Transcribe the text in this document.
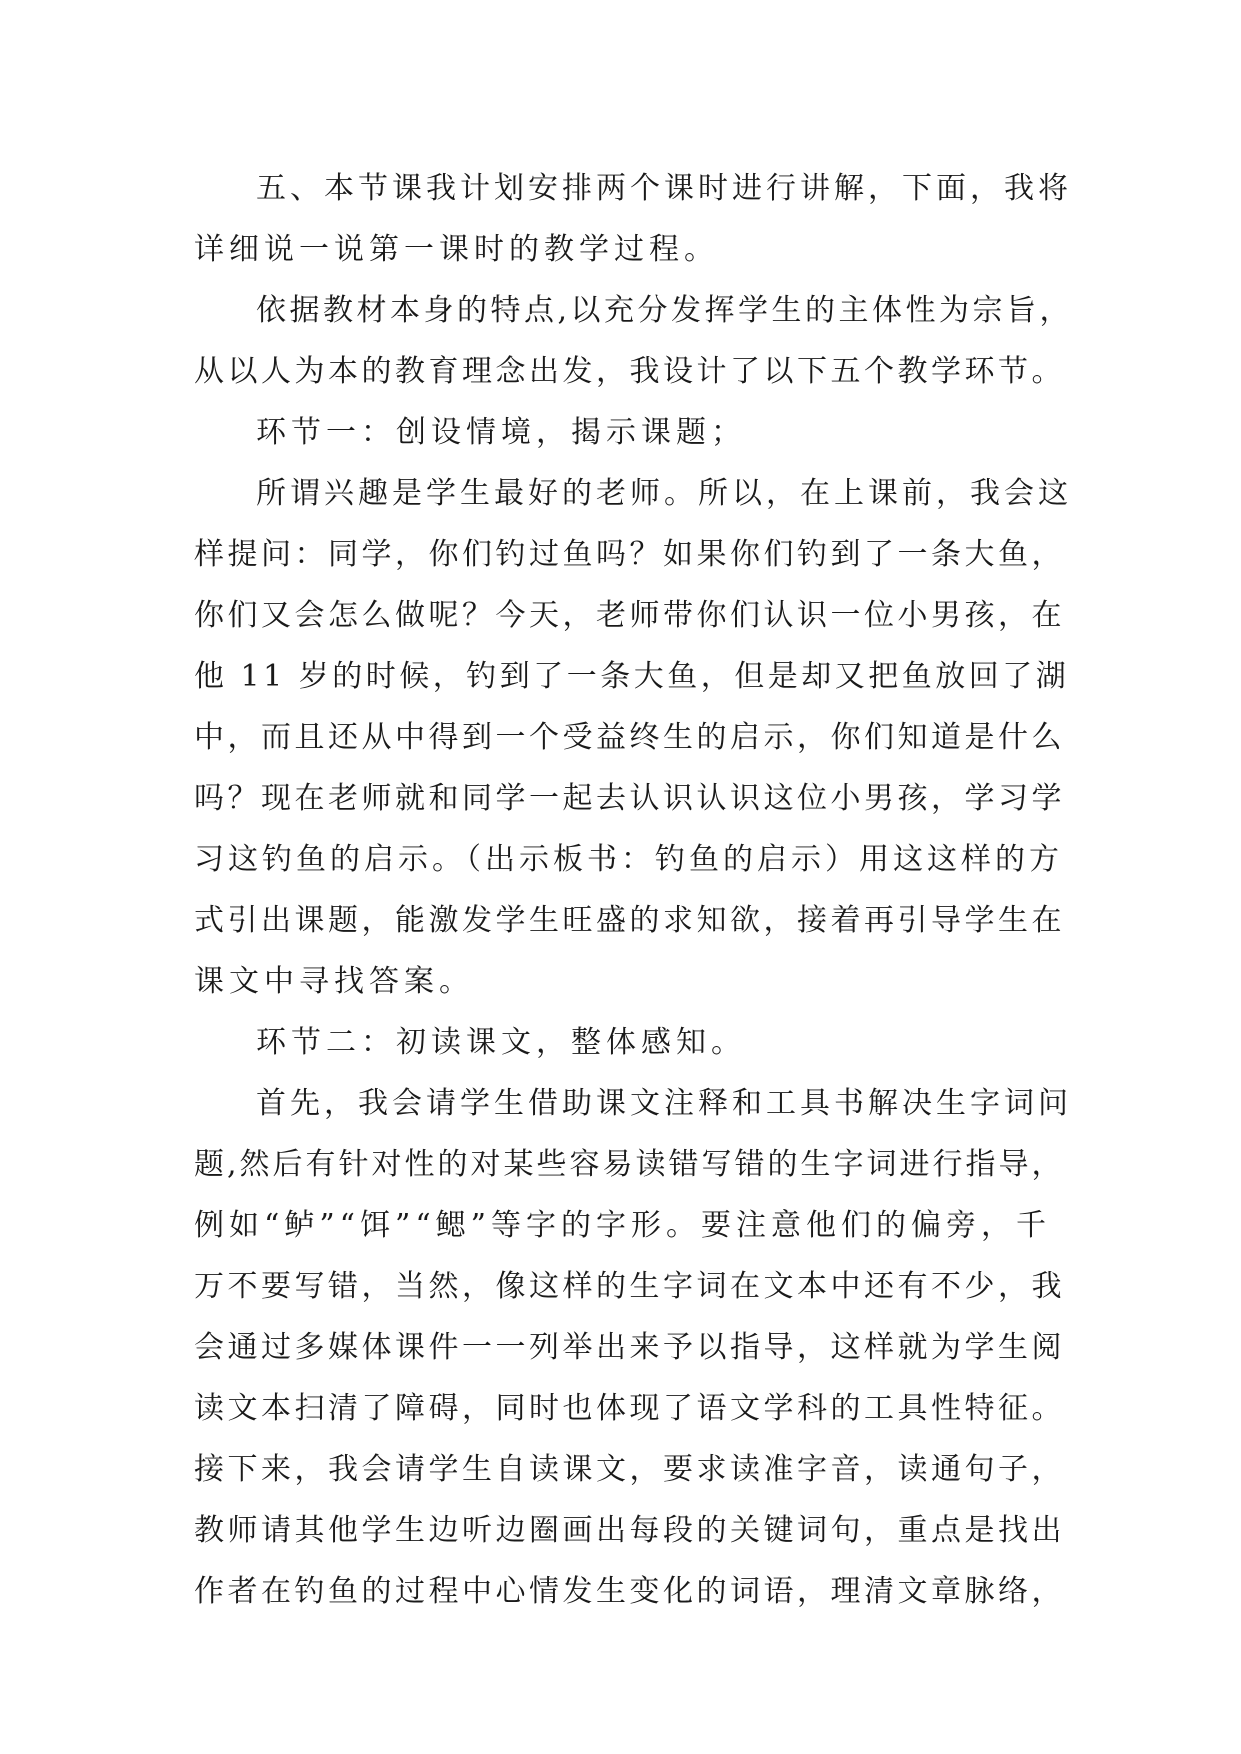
五、本节课我计划安排两个课时进行讲解，下面，我将
详细说一说第一课时的教学过程。
依据教材本身的特点,以充分发挥学生的主体性为宗旨，
从以人为本的教育理念出发，我设计了以下五个教学环节。
环节一：创设情境，揭示课题；
所谓兴趣是学生最好的老师。所以，在上课前，我会这
样提问：同学，你们钓过鱼吗？如果你们钓到了一条大鱼，
你们又会怎么做呢？今天，老师带你们认识一位小男孩，在
他 11 岁的时候，钓到了一条大鱼，但是却又把鱼放回了湖
中，而且还从中得到一个受益终生的启示，你们知道是什么
吗？现在老师就和同学一起去认识认识这位小男孩，学习学
习这钓鱼的启示。（出示板书：钓鱼的启示）用这这样的方
式引出课题，能激发学生旺盛的求知欲，接着再引导学生在
课文中寻找答案。
环节二：初读课文，整体感知。
首先，我会请学生借助课文注释和工具书解决生字词问
题,然后有针对性的对某些容易读错写错的生字词进行指导，
例如“鲈”“饵”“鳃”等字的字形。要注意他们的偏旁，千
万不要写错，当然，像这样的生字词在文本中还有不少，我
会通过多媒体课件一一列举出来予以指导，这样就为学生阅
读文本扫清了障碍，同时也体现了语文学科的工具性特征。
接下来，我会请学生自读课文，要求读准字音，读通句子，
教师请其他学生边听边圈画出每段的关键词句，重点是找出
作者在钓鱼的过程中心情发生变化的词语，理清文章脉络，
